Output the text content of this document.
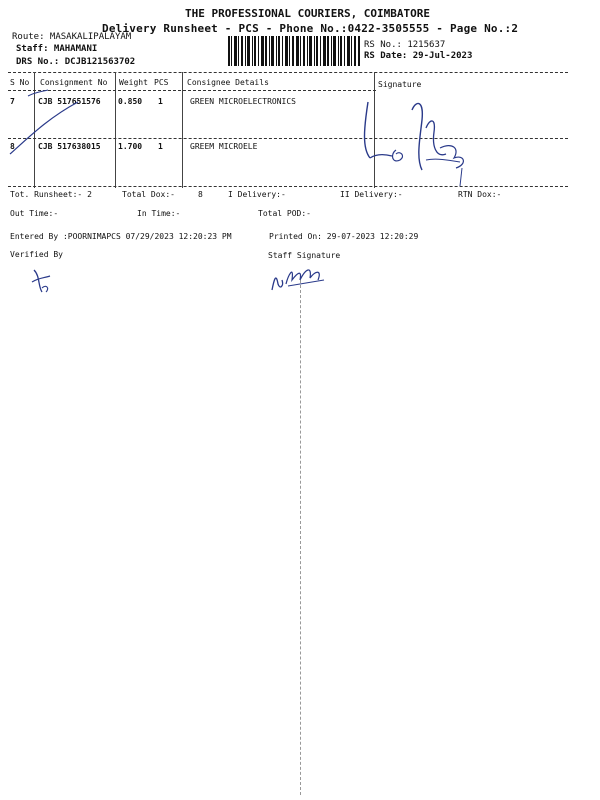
THE PROFESSIONAL COURIERS, COIMBATORE
Delivery Runsheet - PCS - Phone No.:0422-3505555 - Page No.:2
Route: MASAKALIPALAYAM
Staff: MAHAMANI
DRS No.: DCJB121563702
RS No.: 1215637
RS Date: 29-Jul-2023
S No Consignment No Weight PCS Consignee Details	Signature
7	CJB 517651576 0.850 1	GREEN MICROELECTRONICS
8	CJB 517638015 1.700 1	GREEM MICROELE
Tot. Runsheet:- 2	Total Dox:-	8	I Delivery:-	II Delivery:-	RTN Dox:-
Out Time:-	In Time:-	Total POD:-
Entered By :POORNIMAPCS 07/29/2023 12:20:23 PM	Printed On: 29-07-2023 12:20:29
Verified By	Staff Signature
